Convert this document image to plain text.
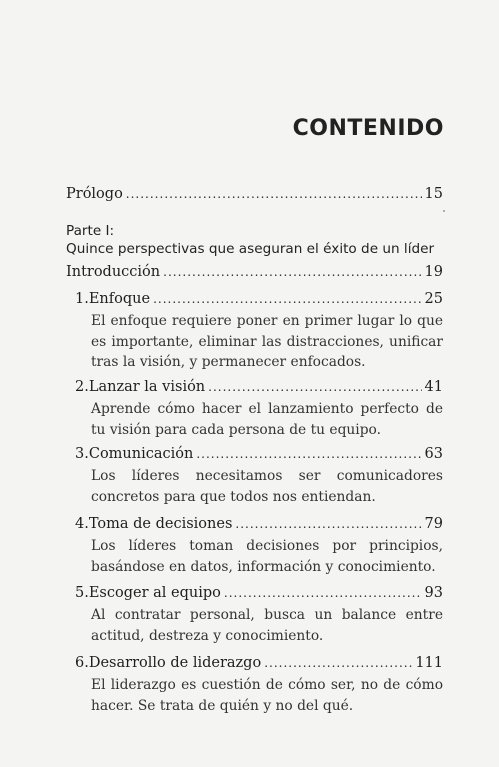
CONTENIDO
Prólogo .....	15
Parte I:
Quince perspectivas que aseguran el éxito de un líder
Introducción .....	19
1. Enfoque .....	25
El enfoque requiere poner en primer lugar lo que es importante, eliminar las distracciones, unificar tras la visión, y permanecer enfocados.
2. Lanzar la visión .....	41
Aprende cómo hacer el lanzamiento perfecto de tu visión para cada persona de tu equipo.
3. Comunicación .....	63
Los líderes necesitamos ser comunicadores concretos para que todos nos entiendan.
4. Toma de decisiones .....	79
Los líderes toman decisiones por principios, basándose en datos, información y conocimiento.
5. Escoger al equipo .....	93
Al contratar personal, busca un balance entre actitud, destreza y conocimiento.
6. Desarrollo de liderazgo .....	111
El liderazgo es cuestión de cómo ser, no de cómo hacer. Se trata de quién y no del qué.
